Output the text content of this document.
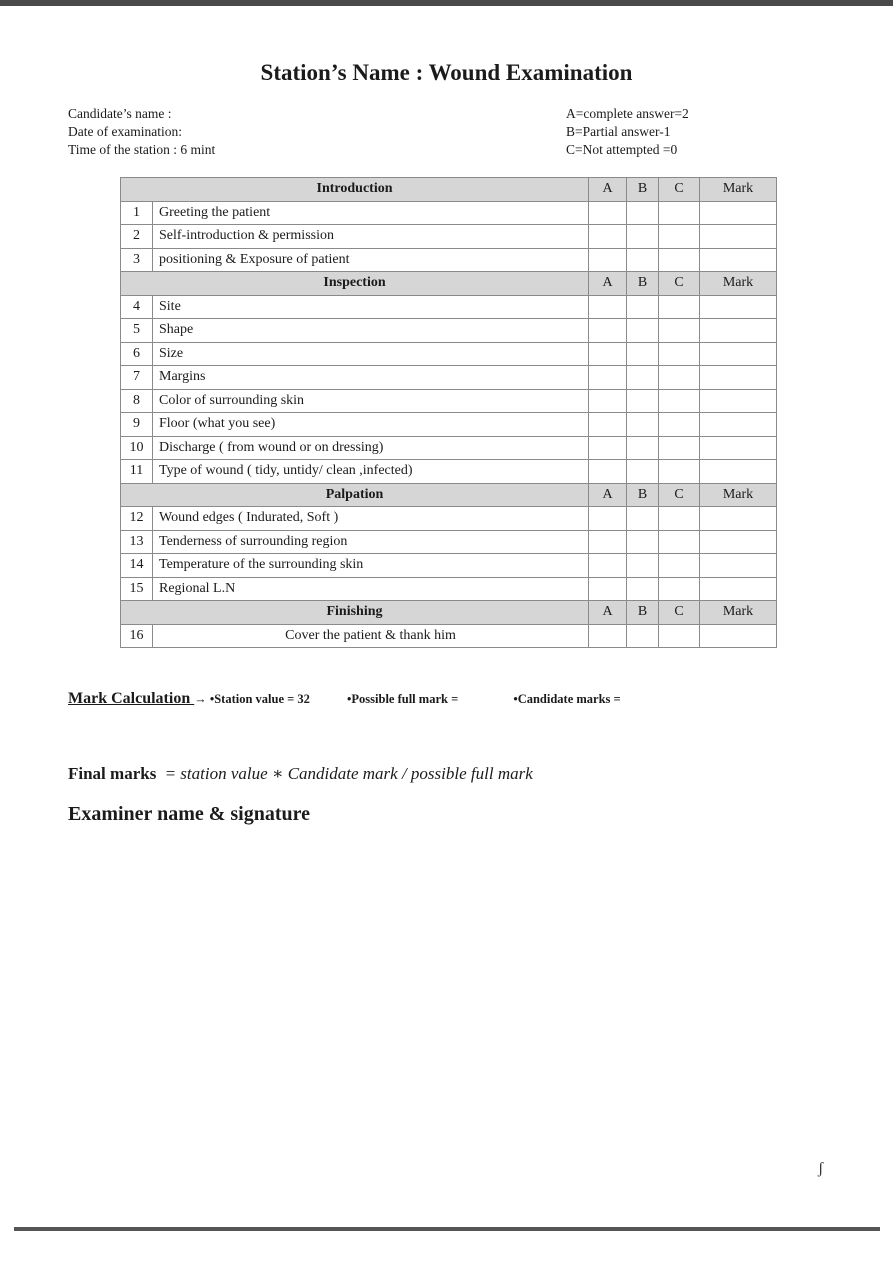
Station’s Name : Wound Examination
Candidate’s name :
Date of examination:
Time of the station : 6 mint
A=complete answer=2
B=Partial answer-1
C=Not attempted =0
Introduction		A	B	C	Mark
1	Greeting the patient				
2	Self-introduction & permission				
3	positioning & Exposure of patient				
Inspection		A	B	C	Mark
4	Site				
5	Shape				
6	Size				
7	Margins				
8	Color of surrounding skin				
9	Floor (what you see)				
10	Discharge ( from wound or on dressing)				
11	Type of wound ( tidy, untidy/ clean ,infected)				
Palpation		A	B	C	Mark
12	Wound edges ( Indurated, Soft )				
13	Tenderness of surrounding region				
14	Temperature of the surrounding skin				
15	Regional L.N				
Finishing		A	B	C	Mark
16	Cover the patient & thank him				
Mark Calculation → •Station value = 32	•Possible full mark =	•Candidate marks =
Final marks = station value ∗ Candidate mark / possible full mark
Examiner name & signature
ʃ
